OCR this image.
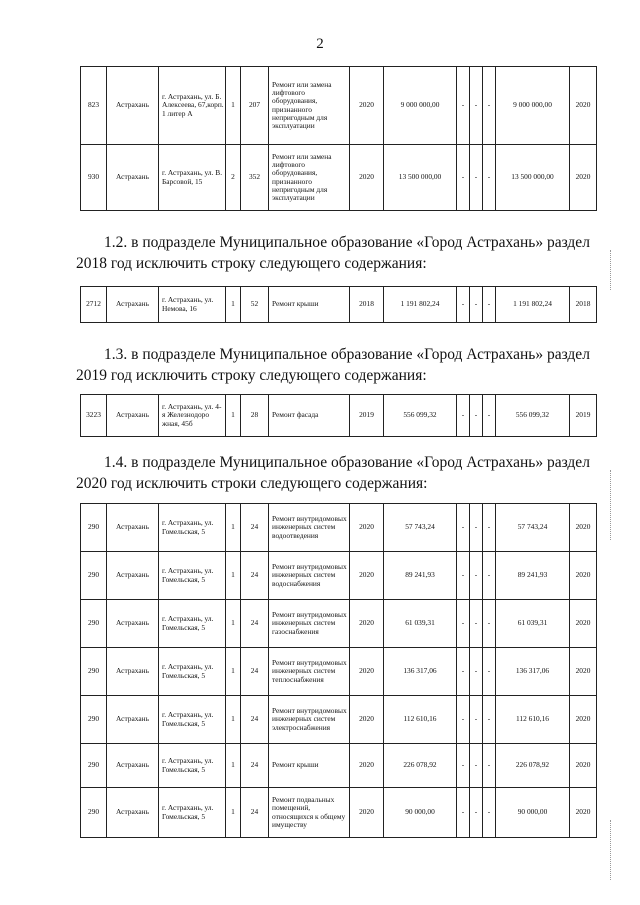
2
823	Астрахань	г. Астрахань, ул. Б. Алексеева, 67,корп. 1 литер А	1	207	Ремонт или замена лифтового оборудования, признанного непригодным для эксплуатации	2020	9 000 000,00	-	-	-	9 000 000,00	2020
930	Астрахань	г. Астрахань, ул. В. Барсовой, 15	2	352	Ремонт или замена лифтового оборудования, признанного непригодным для эксплуатации	2020	13 500 000,00	-	-	-	13 500 000,00	2020
1.2. в подразделе Муниципальное образование «Город Астрахань» раздел 2018 год исключить строку следующего содержания:
2712	Астрахань	г. Астрахань, ул. Немова, 16	1	52	Ремонт крыши	2018	1 191 802,24	-	-	-	1 191 802,24	2018
1.3. в подразделе Муниципальное образование «Город Астрахань» раздел 2019 год исключить строку следующего содержания:
3223	Астрахань	г. Астрахань, ул. 4-я Железнодоро жная, 45б	1	28	Ремонт фасада	2019	556 099,32	-	-	-	556 099,32	2019
1.4. в подразделе Муниципальное образование «Город Астрахань» раздел 2020 год исключить строки следующего содержания:
290	Астрахань	г. Астрахань, ул. Гомельская, 5	1	24	Ремонт внутридомовых инженерных систем водоотведения	2020	57 743,24	-	-	-	57 743,24	2020
290	Астрахань	г. Астрахань, ул. Гомельская, 5	1	24	Ремонт внутридомовых инженерных систем водоснабжения	2020	89 241,93	-	-	-	89 241,93	2020
290	Астрахань	г. Астрахань, ул. Гомельская, 5	1	24	Ремонт внутридомовых инженерных систем газоснабжения	2020	61 039,31	-	-	-	61 039,31	2020
290	Астрахань	г. Астрахань, ул. Гомельская, 5	1	24	Ремонт внутридомовых инженерных систем теплоснабжения	2020	136 317,06	-	-	-	136 317,06	2020
290	Астрахань	г. Астрахань, ул. Гомельская, 5	1	24	Ремонт внутридомовых инженерных систем электроснабжения	2020	112 610,16	-	-	-	112 610,16	2020
290	Астрахань	г. Астрахань, ул. Гомельская, 5	1	24	Ремонт крыши	2020	226 078,92	-	-	-	226 078,92	2020
290	Астрахань	г. Астрахань, ул. Гомельская, 5	1	24	Ремонт подвальных помещений, относящихся к общему имуществу	2020	90 000,00	-	-	-	90 000,00	2020
